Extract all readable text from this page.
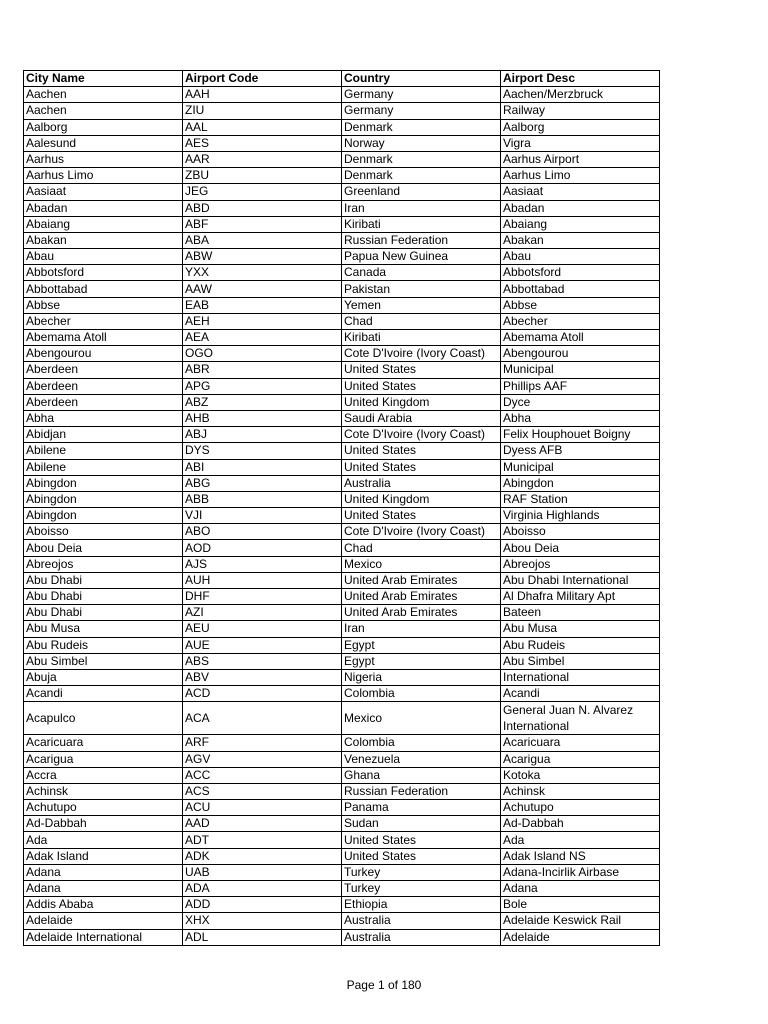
City Name	Airport Code	Country	Airport Desc
Aachen	AAH	Germany	Aachen/Merzbruck
Aachen	ZIU	Germany	Railway
Aalborg	AAL	Denmark	Aalborg
Aalesund	AES	Norway	Vigra
Aarhus	AAR	Denmark	Aarhus Airport
Aarhus Limo	ZBU	Denmark	Aarhus Limo
Aasiaat	JEG	Greenland	Aasiaat
Abadan	ABD	Iran	Abadan
Abaiang	ABF	Kiribati	Abaiang
Abakan	ABA	Russian Federation	Abakan
Abau	ABW	Papua New Guinea	Abau
Abbotsford	YXX	Canada	Abbotsford
Abbottabad	AAW	Pakistan	Abbottabad
Abbse	EAB	Yemen	Abbse
Abecher	AEH	Chad	Abecher
Abemama Atoll	AEA	Kiribati	Abemama Atoll
Abengourou	OGO	Cote D'Ivoire (Ivory Coast)	Abengourou
Aberdeen	ABR	United States	Municipal
Aberdeen	APG	United States	Phillips AAF
Aberdeen	ABZ	United Kingdom	Dyce
Abha	AHB	Saudi Arabia	Abha
Abidjan	ABJ	Cote D'Ivoire (Ivory Coast)	Felix Houphouet Boigny
Abilene	DYS	United States	Dyess AFB
Abilene	ABI	United States	Municipal
Abingdon	ABG	Australia	Abingdon
Abingdon	ABB	United Kingdom	RAF Station
Abingdon	VJI	United States	Virginia Highlands
Aboisso	ABO	Cote D'Ivoire (Ivory Coast)	Aboisso
Abou Deia	AOD	Chad	Abou Deia
Abreojos	AJS	Mexico	Abreojos
Abu Dhabi	AUH	United Arab Emirates	Abu Dhabi International
Abu Dhabi	DHF	United Arab Emirates	Al Dhafra Military Apt
Abu Dhabi	AZI	United Arab Emirates	Bateen
Abu Musa	AEU	Iran	Abu Musa
Abu Rudeis	AUE	Egypt	Abu Rudeis
Abu Simbel	ABS	Egypt	Abu Simbel
Abuja	ABV	Nigeria	International
Acandi	ACD	Colombia	Acandi
Acapulco	ACA	Mexico	General Juan N. Alvarez International
Acaricuara	ARF	Colombia	Acaricuara
Acarigua	AGV	Venezuela	Acarigua
Accra	ACC	Ghana	Kotoka
Achinsk	ACS	Russian Federation	Achinsk
Achutupo	ACU	Panama	Achutupo
Ad-Dabbah	AAD	Sudan	Ad-Dabbah
Ada	ADT	United States	Ada
Adak Island	ADK	United States	Adak Island NS
Adana	UAB	Turkey	Adana-Incirlik Airbase
Adana	ADA	Turkey	Adana
Addis Ababa	ADD	Ethiopia	Bole
Adelaide	XHX	Australia	Adelaide Keswick Rail
Adelaide International	ADL	Australia	Adelaide
Page 1 of 180
